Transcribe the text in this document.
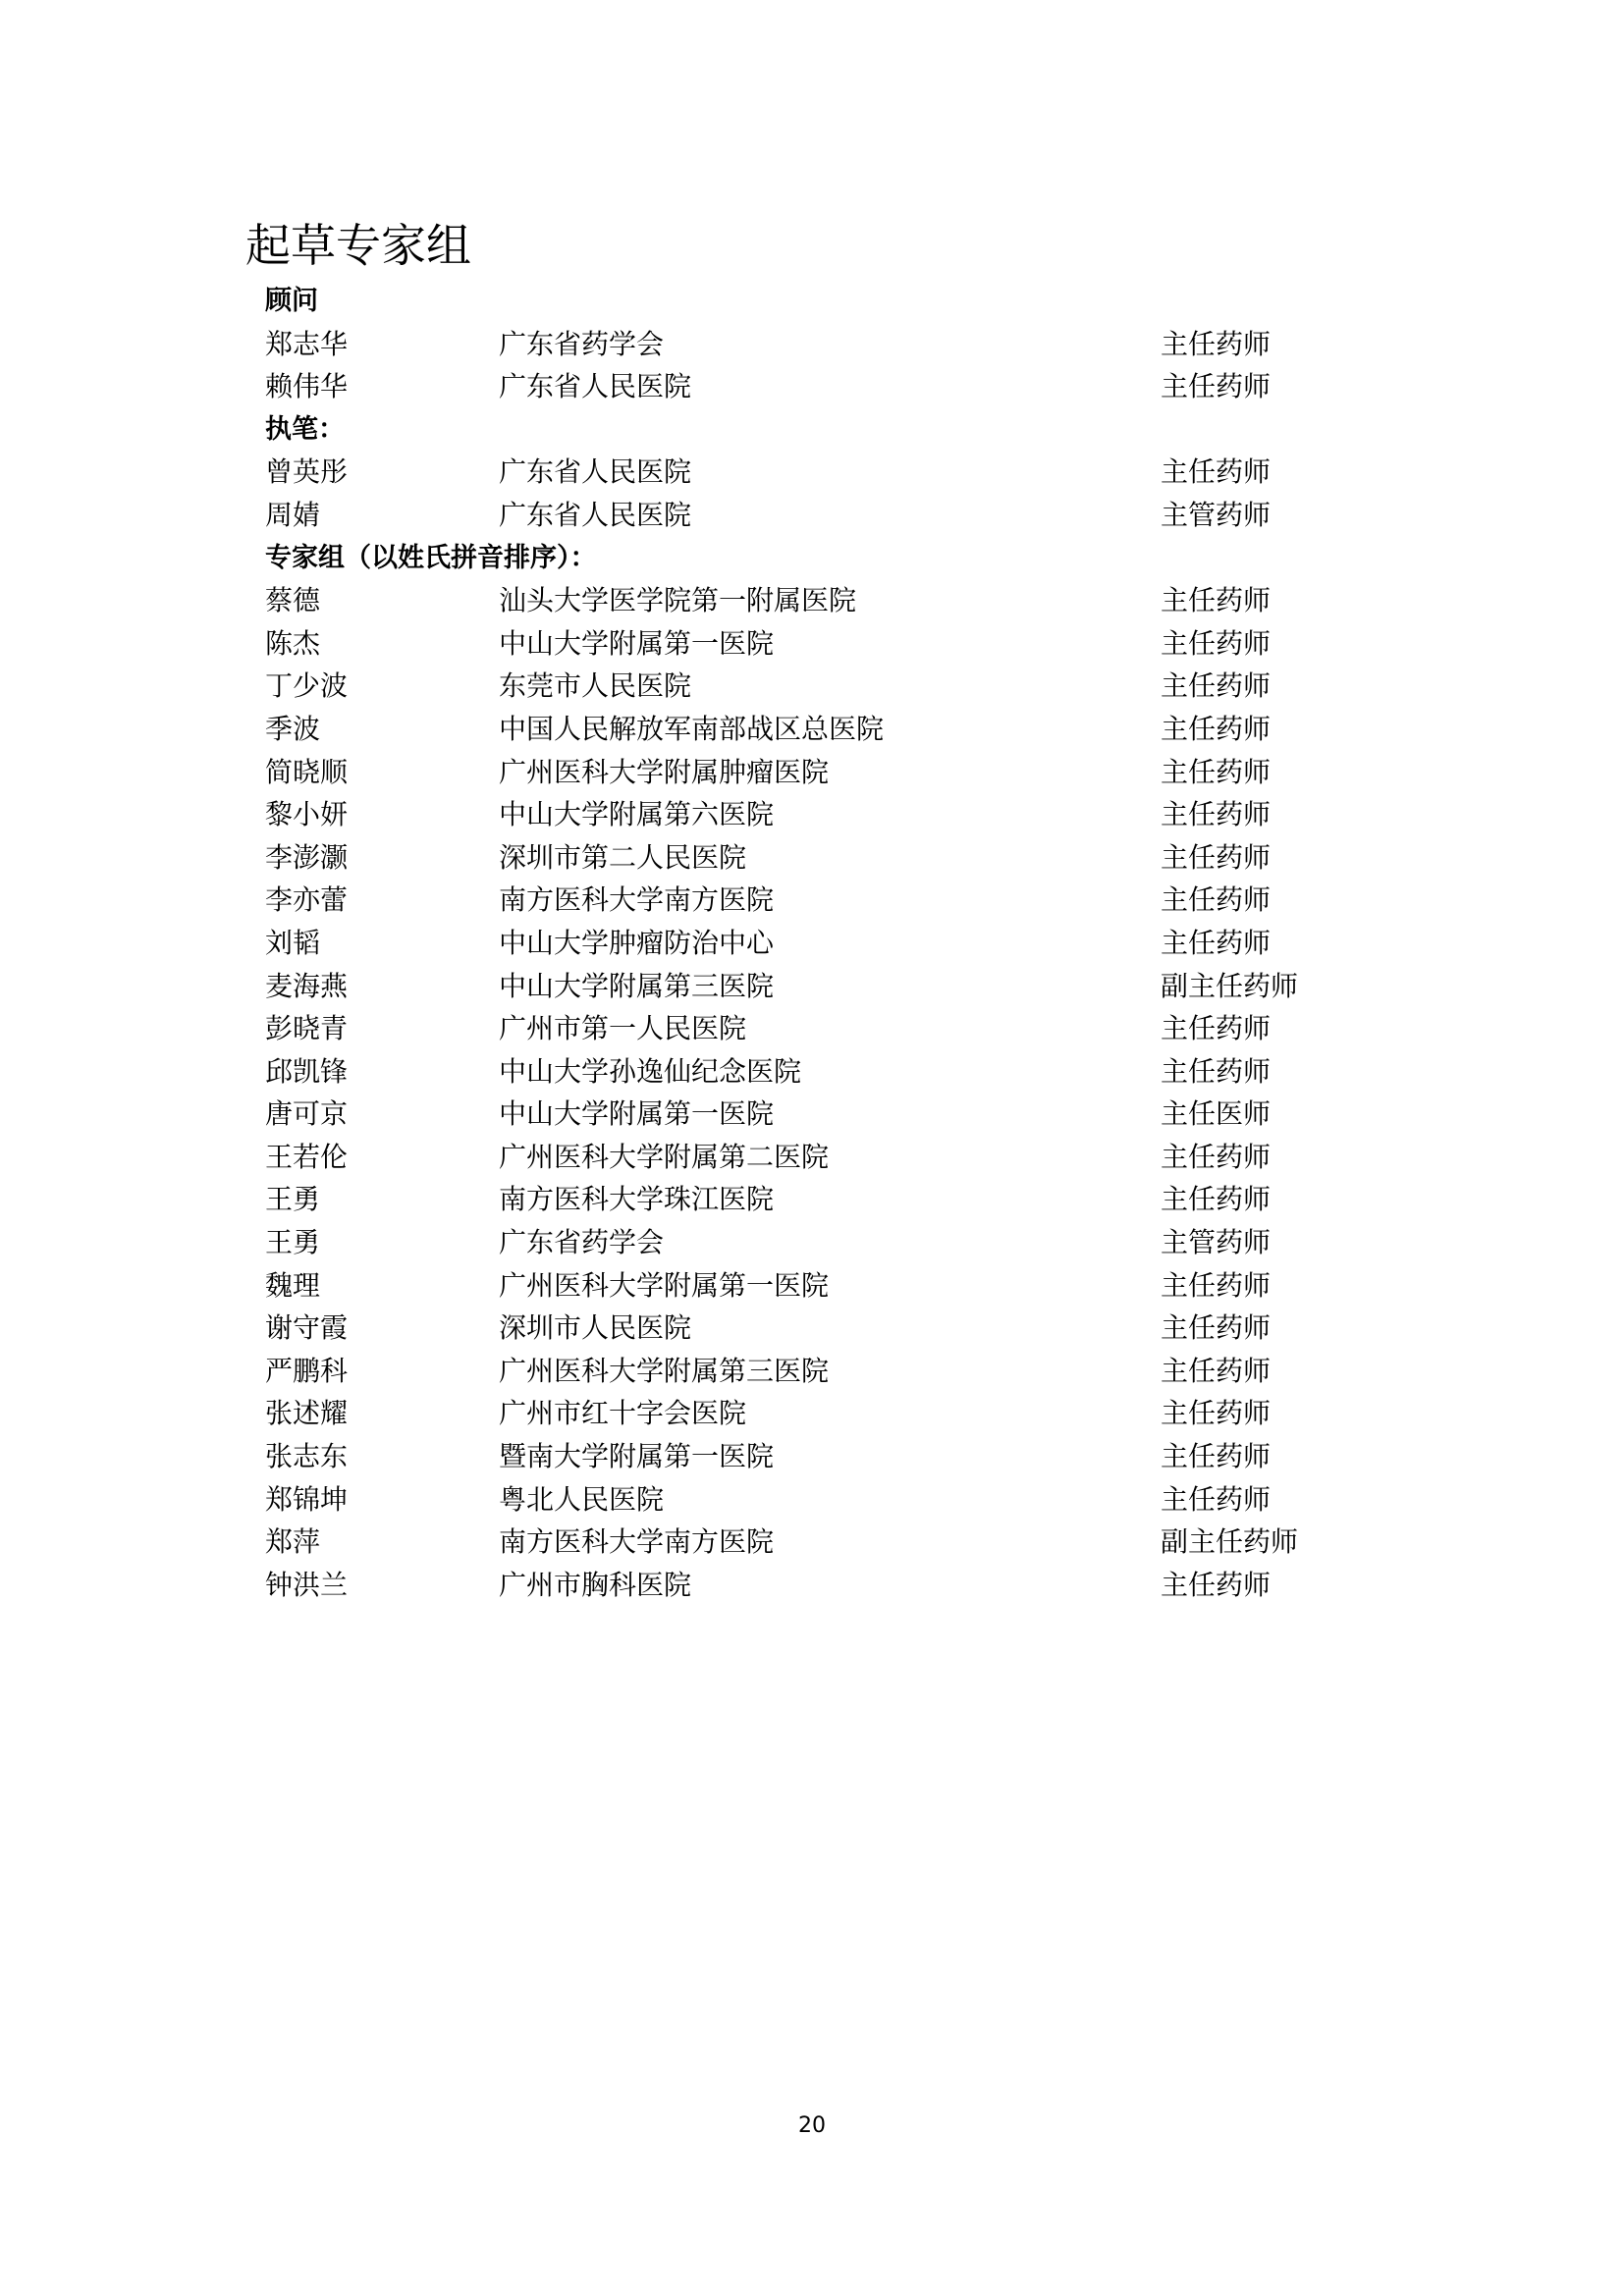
起草专家组
顾问
郑志华	广东省药学会	主任药师
赖伟华	广东省人民医院	主任药师
执笔：
曾英彤	广东省人民医院	主任药师
周婧	广东省人民医院	主管药师
专家组（以姓氏拼音排序）：
蔡德	汕头大学医学院第一附属医院	主任药师
陈杰	中山大学附属第一医院	主任药师
丁少波	东莞市人民医院	主任药师
季波	中国人民解放军南部战区总医院	主任药师
简晓顺	广州医科大学附属肿瘤医院	主任药师
黎小妍	中山大学附属第六医院	主任药师
李澎灏	深圳市第二人民医院	主任药师
李亦蕾	南方医科大学南方医院	主任药师
刘韬	中山大学肿瘤防治中心	主任药师
麦海燕	中山大学附属第三医院	副主任药师
彭晓青	广州市第一人民医院	主任药师
邱凯锋	中山大学孙逸仙纪念医院	主任药师
唐可京	中山大学附属第一医院	主任医师
王若伦	广州医科大学附属第二医院	主任药师
王勇	南方医科大学珠江医院	主任药师
王勇	广东省药学会	主管药师
魏理	广州医科大学附属第一医院	主任药师
谢守霞	深圳市人民医院	主任药师
严鹏科	广州医科大学附属第三医院	主任药师
张述耀	广州市红十字会医院	主任药师
张志东	暨南大学附属第一医院	主任药师
郑锦坤	粤北人民医院	主任药师
郑萍	南方医科大学南方医院	副主任药师
钟洪兰	广州市胸科医院	主任药师
20
